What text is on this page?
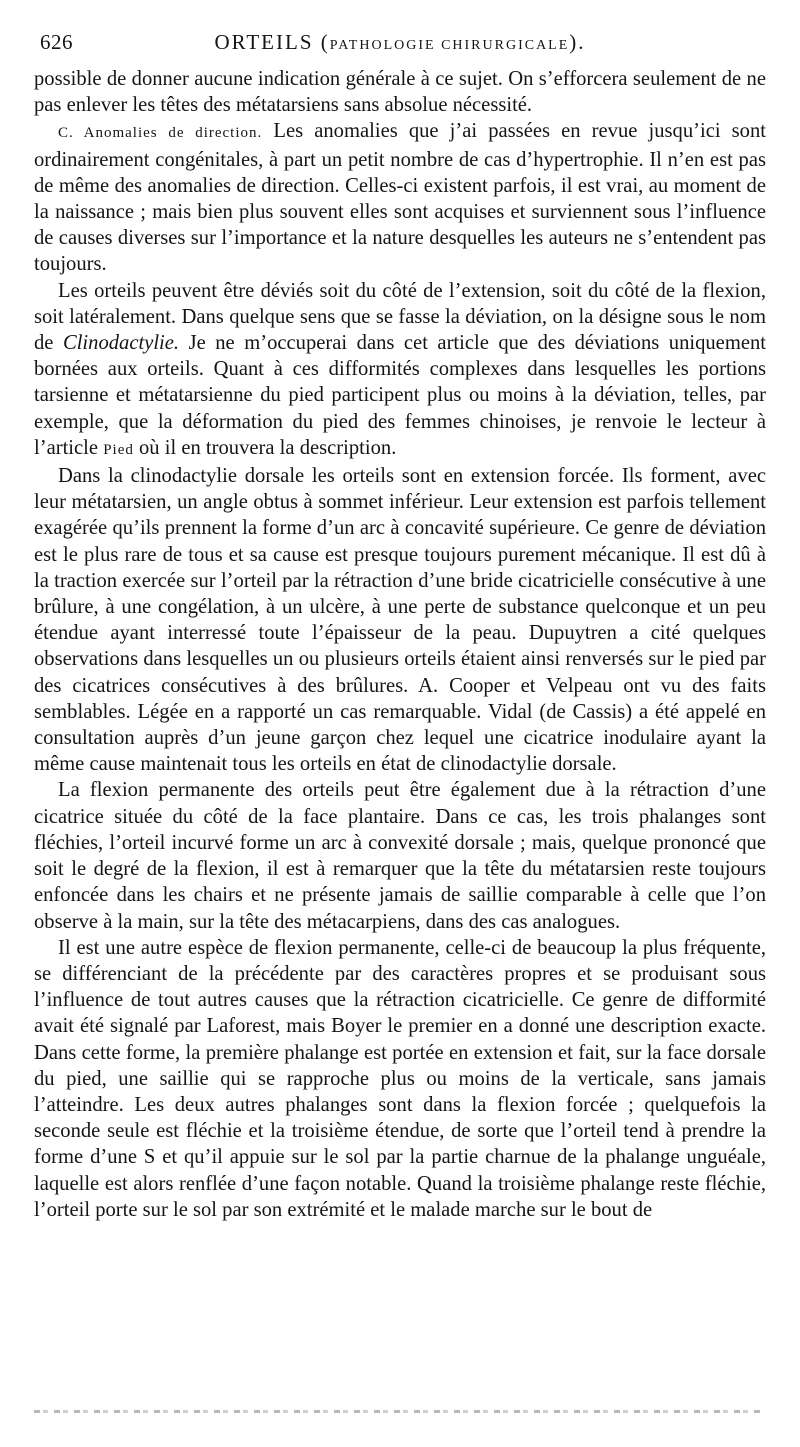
626	ORTEILS (PATHOLOGIE CHIRURGICALE).

possible de donner aucune indication générale à ce sujet. On s’efforcera seulement de ne pas enlever les têtes des métatarsiens sans absolue nécessité.

C. Anomalies de direction. Les anomalies que j’ai passées en revue jusqu’ici sont ordinairement congénitales, à part un petit nombre de cas d’hypertrophie. Il n’en est pas de même des anomalies de direction. Celles-ci existent parfois, il est vrai, au moment de la naissance ; mais bien plus souvent elles sont acquises et surviennent sous l’influence de causes diverses sur l’importance et la nature desquelles les auteurs ne s’entendent pas toujours.

Les orteils peuvent être déviés soit du côté de l’extension, soit du côté de la flexion, soit latéralement. Dans quelque sens que se fasse la déviation, on la désigne sous le nom de Clinodactylie. Je ne m’occuperai dans cet article que des déviations uniquement bornées aux orteils. Quant à ces difformités complexes dans lesquelles les portions tarsienne et métatarsienne du pied participent plus ou moins à la déviation, telles, par exemple, que la déformation du pied des femmes chinoises, je renvoie le lecteur à l’article Pied où il en trouvera la description.

Dans la clinodactylie dorsale les orteils sont en extension forcée. Ils forment, avec leur métatarsien, un angle obtus à sommet inférieur. Leur extension est parfois tellement exagérée qu’ils prennent la forme d’un arc à concavité supérieure. Ce genre de déviation est le plus rare de tous et sa cause est presque toujours purement mécanique. Il est dû à la traction exercée sur l’orteil par la rétraction d’une bride cicatricielle consécutive à une brûlure, à une congélation, à un ulcère, à une perte de substance quelconque et un peu étendue ayant interressé toute l’épaisseur de la peau. Dupuytren a cité quelques observations dans lesquelles un ou plusieurs orteils étaient ainsi renversés sur le pied par des cicatrices consécutives à des brûlures. A. Cooper et Velpeau ont vu des faits semblables. Légée en a rapporté un cas remarquable. Vidal (de Cassis) a été appelé en consultation auprès d’un jeune garçon chez lequel une cicatrice inodulaire ayant la même cause maintenait tous les orteils en état de clinodactylie dorsale.

La flexion permanente des orteils peut être également due à la rétraction d’une cicatrice située du côté de la face plantaire. Dans ce cas, les trois phalanges sont fléchies, l’orteil incurvé forme un arc à convexité dorsale ; mais, quelque prononcé que soit le degré de la flexion, il est à remarquer que la tête du métatarsien reste toujours enfoncée dans les chairs et ne présente jamais de saillie comparable à celle que l’on observe à la main, sur la tête des métacarpiens, dans des cas analogues.

Il est une autre espèce de flexion permanente, celle-ci de beaucoup la plus fréquente, se différenciant de la précédente par des caractères propres et se produisant sous l’influence de tout autres causes que la rétraction cicatricielle. Ce genre de difformité avait été signalé par Laforest, mais Boyer le premier en a donné une description exacte. Dans cette forme, la première phalange est portée en extension et fait, sur la face dorsale du pied, une saillie qui se rapproche plus ou moins de la verticale, sans jamais l’atteindre. Les deux autres phalanges sont dans la flexion forcée ; quelquefois la seconde seule est fléchie et la troisième étendue, de sorte que l’orteil tend à prendre la forme d’une S et qu’il appuie sur le sol par la partie charnue de la phalange unguéale, laquelle est alors renflée d’une façon notable. Quand la troisième phalange reste fléchie, l’orteil porte sur le sol par son extrémité et le malade marche sur le bout de
